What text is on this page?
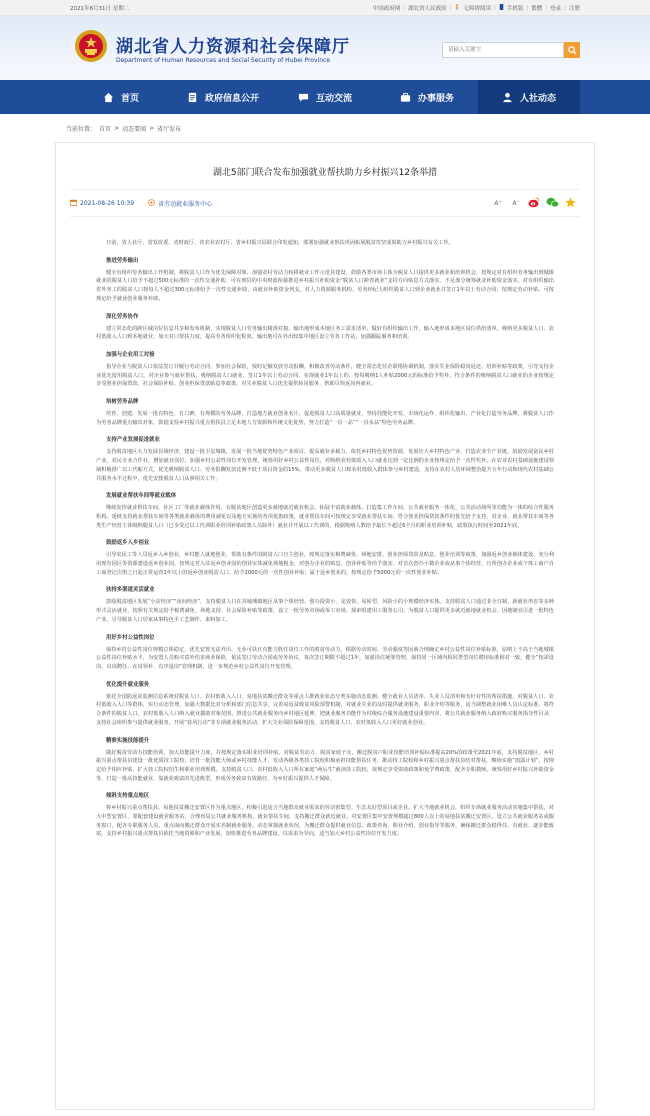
2021年8月31日 星期二	中国政府网 | 湖北省人民政府 | 无障碍阅读 | 手机版 | 繁體 | 登录 | 注册
湖北省人力资源和社会保障厅
Department of Human Resources and Social Security of Hubei Province
请输入关键字
首页	政府信息公开	互动交流	办事服务	人社动态
当前位置： 首页 > 动态要闻 > 省厅发布
湖北5部门联合发布加强就业帮扶助力乡村振兴12条举措
2021-08-26 10:39	省劳动就业服务中心	A⁺	A⁻

日前，省人社厅、省发改委、省财政厅、省农业农村厅、省乡村振兴局联合印发通知，部署加强就业帮扶巩固拓展脱贫攻坚成果助力乡村振兴有关工作。

推进劳务输出

健全有组织劳务输出工作机制，将脱贫人口作为优先保障对象。加强农村劳动力转移就业工作示范县建设，鼓励各类市场主体为脱贫人口提供更多就业和培训机会。按规定对有组织劳务输出到城镇就业的脱贫人口给予不超过500元标准的一次性交通补助，可在到县的中央财政衔接推进乡村振兴补助资金“脱贫人口跨省就业”支持方向贴息方式落实。不足部分统筹就业补助资金落实，对有组织输出省外务工的脱贫人口按每人不超过300元标准给予一次性交通补助，由就业补助资金列支。对人力资源服务机构、劳务经纪人组织脱贫人口到企业就业并签订1年以上劳动合同，按规定劳动补贴。可按规定给予就业创业服务补助。

深化劳务协作

建立常态化的跨区域岗位信息共享和发布机制，实现脱贫人口劳务输出精准对接。输出地形成本地区务工需求清单，做好有组织输出工作，输入地形成本地区岗位供给清单，吸纳更多脱贫人口、农村低收入人口到本地就业，加大对口帮扶力度，提高劳务组织化程度，输出地可在外出较集中地区设立劳务工作站，加强跟踪服务和培训。

加强与企业用工对接

指导企业与脱贫人口依法签订并履行劳动合同、参加社会保险，按时足额发放劳动报酬，积极改善劳动条件，健全常态化驻企联络协调机制，落实失业保险稳岗返还、培训补贴等政策，引导支持企业优先留用脱贫人口，对企业参与就业帮扶，吸纳脱贫人口就业，签订1年以上劳动合同，实现就业1年以上的，按每吸纳1人补贴2000元的标准给予奖补，符合条件的吸纳脱贫人口就业的企业按规定享受创业担保贷款、社会保险补贴、创业担保贷款贴息等政策。对失业脱贫人口优先提供转岗服务，帮助尽快返岗再就业。

培树劳务品牌

培育、创建、发展一批有特色、有口碑、有规模的劳务品牌，打造地方就业创业名片，促进脱贫人口高质量就业，坚持技能化开发、市场化运作、组织化输出、产业化打造劳务品牌，将脱贫人口作为劳务品牌重点输出对象，鼓励支持乡村振兴重点帮扶县立足本地人力资源和传统文化优势，努力打造“一县一品”“一县多品”特色劳务品牌。

支持产业发展促进就业

支持脱贫地区大力发展县域经济，建设一批卫星城镇，发展一批当地优势特色产业项目，提高就业承载力，依托乡村特色优势资源，发展壮大乡村特色产业，打造农业全产业链，鼓励发展富民乡村产业。农民专业合作社，增加就业岗位，加强乡村公益性岗位开发管理，统筹用好乡村公益性岗位，对吸纳农村低收入人口就业达到一定比例的企业按规定给予一次性奖补。在农业农村基础设施建设领域积极推广以工代赈方式，优先吸纳脱贫人口、劳务报酬发放比例不低于项目资金的15%，带动更多脱贫人口和农村低收入群体参与乡村建设，支持在农村人居环境整治提升五年行动和现代农村基础公共服务水平过程中，优先安排脱贫人口从事相关工作。

发展就业帮扶车间等就业载体

继续发挥就业帮扶车间、社区工厂等就业载体作用，在脱贫地区创造更多就地就近就业机会，拓展丰富就业载体，打造集工作车间、公共就业服务一体化、公共活动场所等功能为一体的综合性服务机构。延续支持就业帮扶车间等各类就业载体的费用减免以及地方实施的各项优惠政策，就业帮扶车间可按规定享受就业帮扶车间、符合创业担保贷款条件的优先给予支持，对企业、就业帮扶车间等各类生产经营主体吸纳脱贫人口（已享受过以工代训职业培训补贴政策人员除外）就业并开展以工代训的，根据吸纳人数给予最长不超过6个月的职业培训补贴，政策执行时间至2021年底。

鼓励返乡入乡创业

引导农民工等人员返乡入乡创业，乡村能人就地创业，帮助有条件的脱贫人口自主创业，按规定落实税费减免、场地安排、创业担保贷款及贴息、创业培训等政策，加强返乡创业载体建设，充分利用现有园区等资源建设返乡创业园，按规定对入驻返乡创业园的创业实体减免场地租金，对创办企业的贴息、创业补贴等给予落实。对首次创办小微企业或从事个体经营，且所创办企业或个体工商户自工商登记注册之日起正常运营1年以上的返乡创业脱贫人口，给予2000元的一次性创业补贴；属于返乡创业的，按规定给予5000元的一次性创业补贴。

扶持多渠道灵活就业

鼓励脱贫地区发展“小店经济”“夜间经济”，支持脱贫人口在县城城镇地区从事个体经营、创办投资小、见效快、易转型、风险小的小规模经济实体。支持脱贫人口通过非全日制、新就业形态等多种形式灵活就业，按照有关规定给予税费减免、场地支持、社会保险补贴等政策，设立一批劳务市场或零工市场，探索组建用工服务公司，为脱贫人口提供更多就近就地就业机会，因地制宜引进一批特色产业，引导脱贫人口居家从事特色手工艺制作、来料加工。

用好乡村公益性岗位

保持乡村公益性岗位规模总体稳定，优先安置无法外出、无业可扶且有能力胜任岗位工作的脱贫劳动力，根据劳动时间、劳动强度等因素合理确定乡村公益性岗位补贴标准，原则上不高于当地城镇公益性岗位补贴水平，为安置人员购买意外伤害商业保险，依法签订劳动合同或劳务协议，每次签订期限不超过1年，加强岗位统筹管理，保持同一区域内相同类型岗位聘用标准相对一致，健全“按需设岗、以岗聘任、在岗领补、有序退岗”管理机制，进一步规范乡村公益性岗位开发管理。

优化提升就业服务

依托全国防返贫监测信息系统对脱贫人口、农村低收入人口、易地扶贫搬迁群众等重点人群就业状态分类实施动态监测，健全就业人员清单、失业人员清单和有针对性的帮扶措施，对脱贫人口、农村低收入人口等群体，实行动态管理，加强大数据比对分析和部门信息共享，完善易返贫致贫风险预警机制，对就业失业的及时提供就业服务、职业介绍等服务，适当调整就业困难人员认定标准，将符合条件的脱贫人口、农村低收入人口纳入就业援助对象范围，推进公共就业服务向乡村地区延伸，把就业服务功能作为村级综合服务设施建设重要内容，将公共就业服务纳入政府购买服务指导性目录，支持社会组织参与提供就业服务，开展“春风行动”等专项就业服务活动，扩大失业保险保障范围，支持脱贫人口、农村低收入人口更好就业创业。

精准实施技能提升

做好脱贫劳动力技能培训，加大技能提升力度，并按规定落实职业培训补贴，对脱贫劳动力、脱贫家庭子女、搬迁脱贫户职业技能培训补贴标准提高20%的政策至2021年底，支持脱贫地区、乡村振兴重点帮扶县建设一批优质技工院校，培育一批技能大师或乡村技能人才，发动各级各类技工院校积极承担技能帮扶任务，推动技工院校和乡村振兴重点帮扶县结对帮扶，继续实施“雨露计划”，按规定给予相应补贴，扩大技工院校招生和职业培训规模，支持脱贫人口、农村低收入人口所在家庭“两后生”就读技工院校，按规定享受资助政策和免学费政策，配齐专职教师，统筹用好乡村振兴补助资金等，打造一批高技能就业、靠就业致富的先进典型，形成劳务致富有效路径，为乡村振兴提供人才保障。

倾斜支持重点地区

将乡村振兴重点帮扶县、易地扶贫搬迁安置区作为重点地区，积极引进适合当地群众就业需求的劳动密集型、生态友好型项目或企业，扩大当地就业机会，组织专场就业服务活动实施集中帮扶，对大中型安置区，要配套建设就业服务站，合理布局公共就业服务机构，就业帮扶车间，支持搬迁群众就近就业。对安置区集中安置规模超过800人以上的易地扶贫搬迁安置区，设立公共就业服务站或服务窗口，配齐专职服务人员，重点面向搬迁群众开展实名制就业服务，动态掌握就业状况，为搬迁群众提供就业信息、政策咨询、职业介绍、创业指导等服务，确保搬迁群众稳得住、有就业、逐步能致富，支持乡村振兴重点帮扶县依托当地资源和产业发展，加快推进劳务品牌建设，以需求为导向，适当加大乡村公益性岗位开发力度。
